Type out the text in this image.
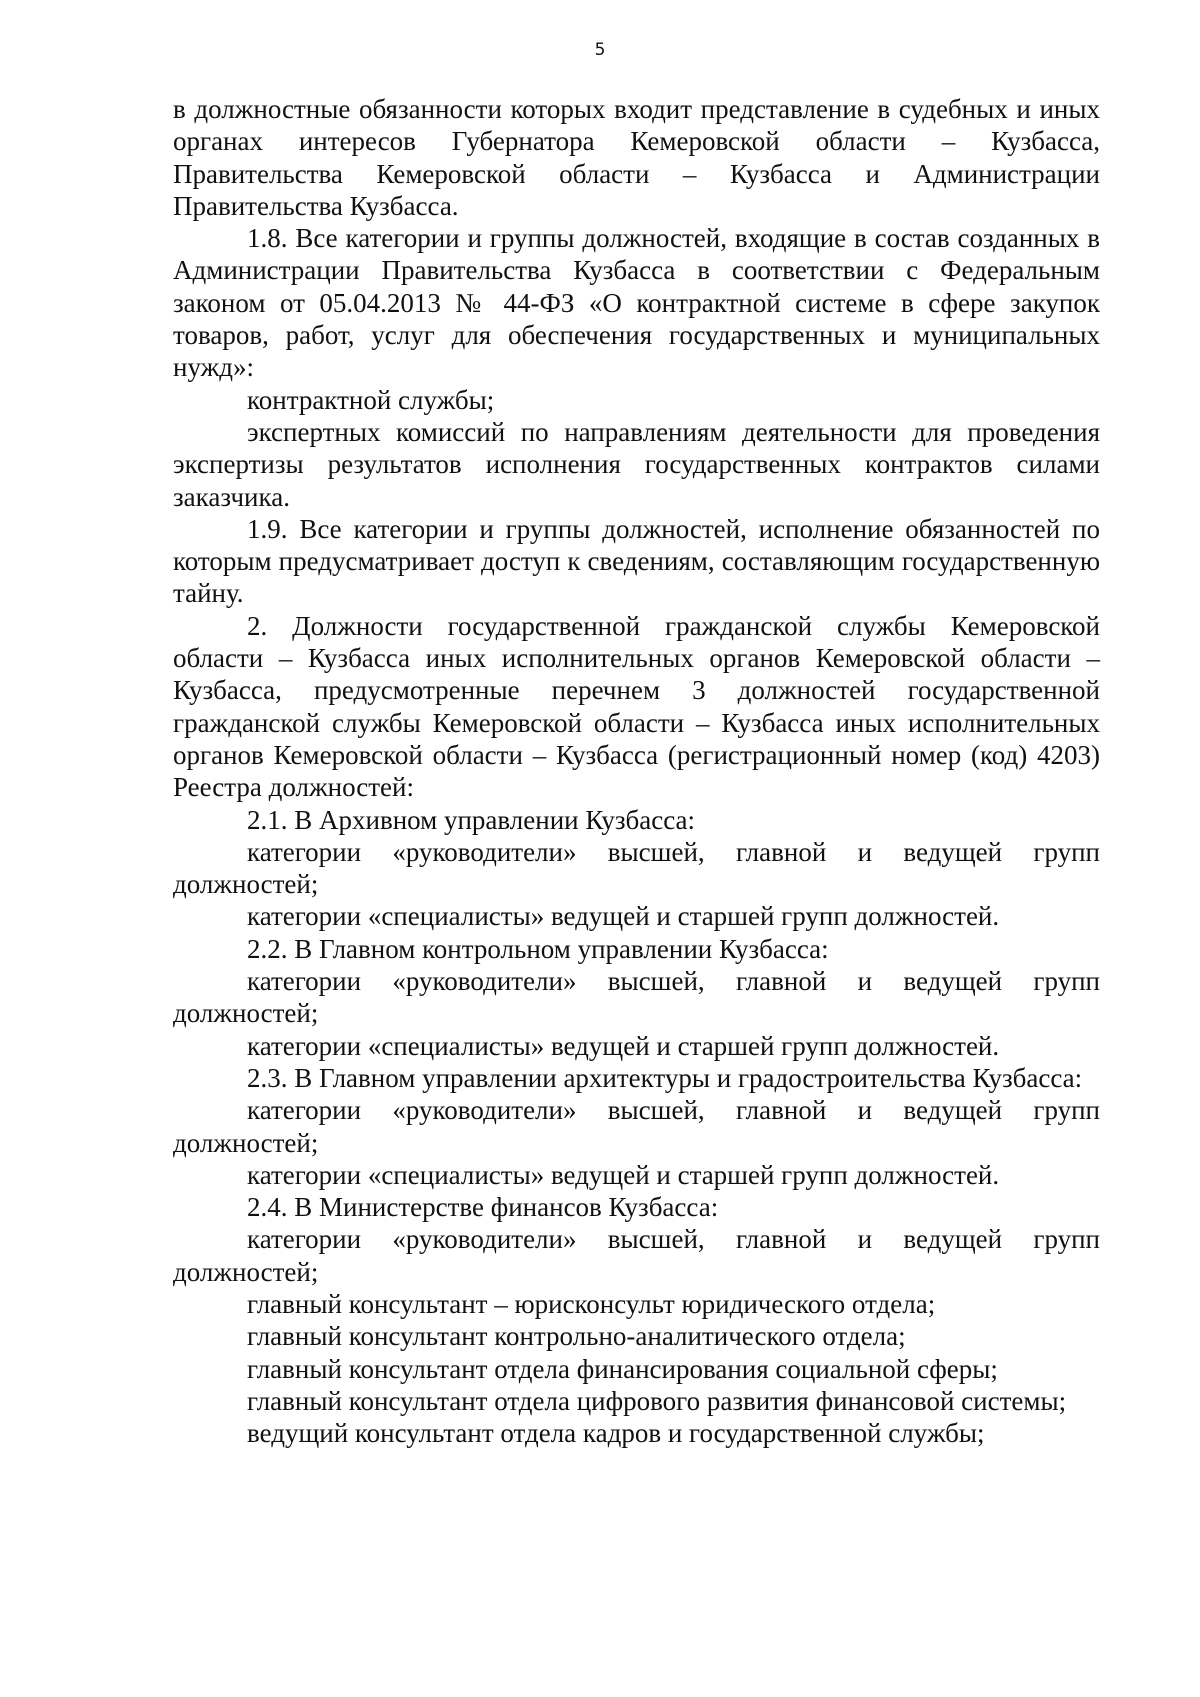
5

в должностные обязанности которых входит представление в судебных и иных органах интересов Губернатора Кемеровской области – Кузбасса, Правительства Кемеровской области – Кузбасса и Администрации Правительства Кузбасса.

1.8. Все категории и группы должностей, входящие в состав созданных в Администрации Правительства Кузбасса в соответствии с Федеральным законом от 05.04.2013 № 44-ФЗ «О контрактной системе в сфере закупок товаров, работ, услуг для обеспечения государственных и муниципальных нужд»:

контрактной службы;

экспертных комиссий по направлениям деятельности для проведения экспертизы результатов исполнения государственных контрактов силами заказчика.

1.9. Все категории и группы должностей, исполнение обязанностей по которым предусматривает доступ к сведениям, составляющим государственную тайну.

2. Должности государственной гражданской службы Кемеровской области – Кузбасса иных исполнительных органов Кемеровской области – Кузбасса, предусмотренные перечнем 3 должностей государственной гражданской службы Кемеровской области – Кузбасса иных исполнительных органов Кемеровской области – Кузбасса (регистрационный номер (код) 4203) Реестра должностей:

2.1. В Архивном управлении Кузбасса:

категории «руководители» высшей, главной и ведущей групп должностей;

категории «специалисты» ведущей и старшей групп должностей.

2.2. В Главном контрольном управлении Кузбасса:

категории «руководители» высшей, главной и ведущей групп должностей;

категории «специалисты» ведущей и старшей групп должностей.

2.3. В Главном управлении архитектуры и градостроительства Кузбасса:

категории «руководители» высшей, главной и ведущей групп должностей;

категории «специалисты» ведущей и старшей групп должностей.

2.4. В Министерстве финансов Кузбасса:

категории «руководители» высшей, главной и ведущей групп должностей;

главный консультант – юрисконсульт юридического отдела;

главный консультант контрольно-аналитического отдела;

главный консультант отдела финансирования социальной сферы;

главный консультант отдела цифрового развития финансовой системы;

ведущий консультант отдела кадров и государственной службы;
